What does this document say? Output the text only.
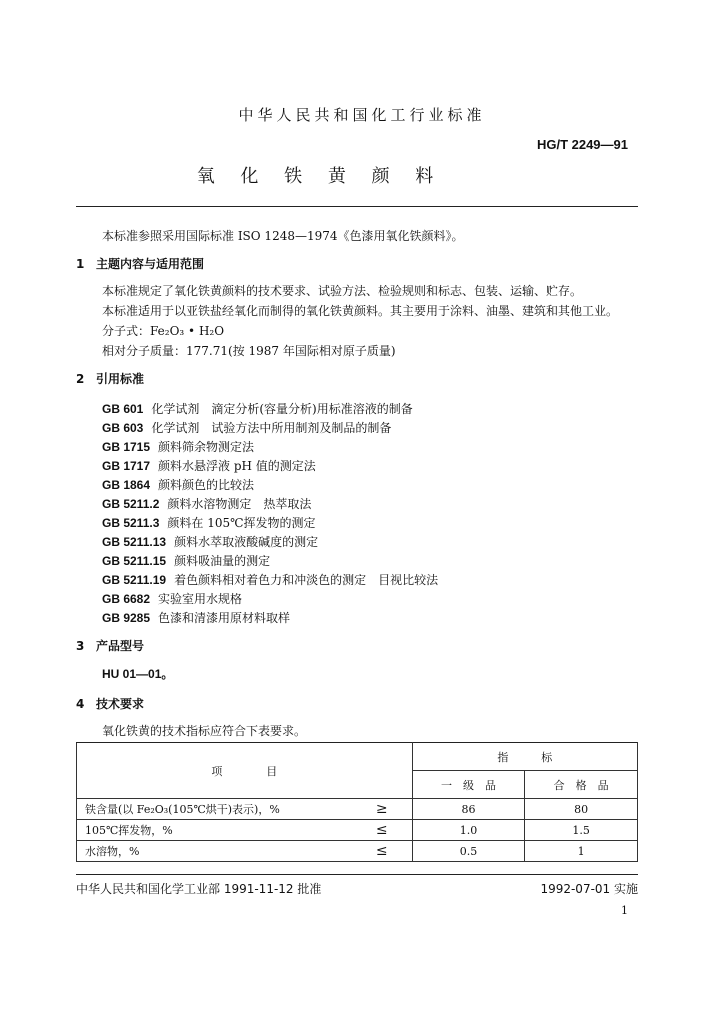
中华人民共和国化工行业标准
HG/T 2249—91
氧 化 铁 黄 颜 料
本标准参照采用国际标准 ISO 1248—1974《色漆用氧化铁颜料》。
1 主题内容与适用范围
本标准规定了氧化铁黄颜料的技术要求、试验方法、检验规则和标志、包装、运输、贮存。
本标准适用于以亚铁盐经氧化而制得的氧化铁黄颜料。其主要用于涂料、油墨、建筑和其他工业。
分子式：Fe₂O₃ • H₂O
相对分子质量：177.71(按 1987 年国际相对原子质量)
2 引用标准
GB 601 化学试剂　滴定分析(容量分析)用标准溶液的制备
GB 603 化学试剂　试验方法中所用制剂及制品的制备
GB 1715 颜料筛余物测定法
GB 1717 颜料水悬浮液 pH 值的测定法
GB 1864 颜料颜色的比较法
GB 5211.2 颜料水溶物测定　热萃取法
GB 5211.3 颜料在 105℃挥发物的测定
GB 5211.13 颜料水萃取液酸碱度的测定
GB 5211.15 颜料吸油量的测定
GB 5211.19 着色颜料相对着色力和冲淡色的测定　目视比较法
GB 6682 实验室用水规格
GB 9285 色漆和清漆用原材料取样
3 产品型号
HU 01—01。
4 技术要求
氧化铁黄的技术指标应符合下表要求。
项　　　　目		指　　　标	
		一　级　品	合　格　品
铁含量(以 Fe₂O₃(105℃烘干)表示)，%	≥	86	80
105℃挥发物，%	≤	1.0	1.5
水溶物，%	≤	0.5	1
中华人民共和国化学工业部 1991-11-12 批准	1992-07-01 实施
1
